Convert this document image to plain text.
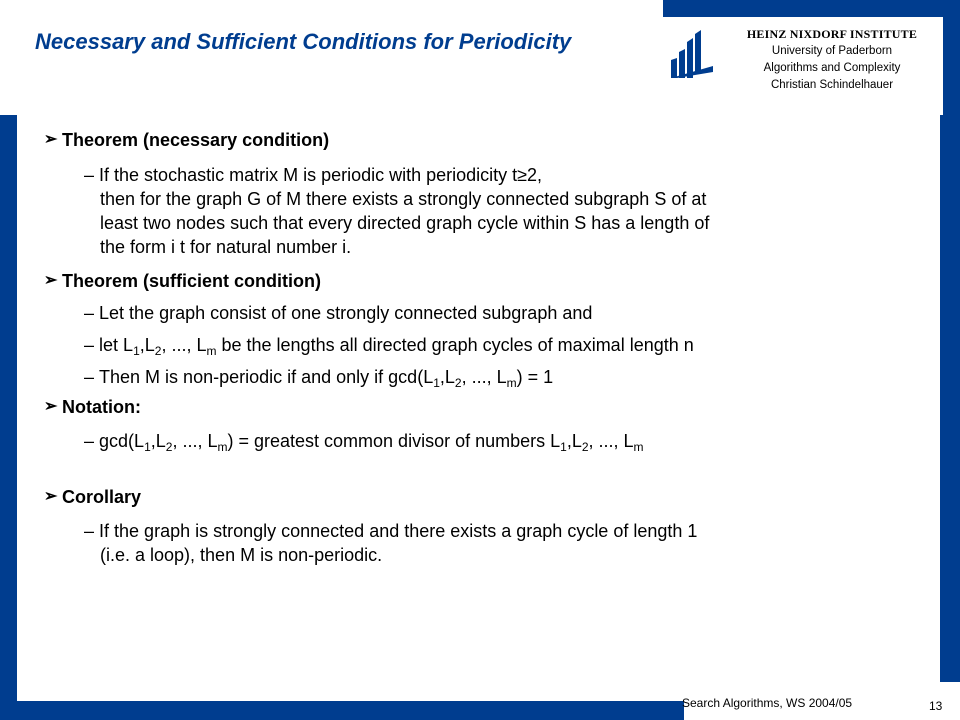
Necessary and Sufficient Conditions for Periodicity	HEINZ NIXDORF INSTITUTE
University of Paderborn
Algorithms and Complexity
Christian Schindelhauer
➢ Theorem (necessary condition)

– If the stochastic matrix M is periodic with periodicity t≥2,
then for the graph G of M there exists a strongly connected subgraph S of at
least two nodes such that every directed graph cycle within S has a length of
the form i t for natural number i.

➢ Theorem (sufficient condition)

– Let the graph consist of one strongly connected subgraph and

– let $L_1,L_2$, ..., $L_m$ be the lengths all directed graph cycles of maximal length n

– Then M is non-periodic if and only if $\gcd(L_1,L_2$, ..., $L_m) = 1$

➢ Notation:

– $\gcd(L_1,L_2$, ..., $L_m$) = greatest common divisor of numbers $L_1,L_2$, ..., $L_m$

➢ Corollary

– If the graph is strongly connected and there exists a graph cycle of length 1
(i.e. a loop), then M is non-periodic.

Search Algorithms, WS 2004/05	13
